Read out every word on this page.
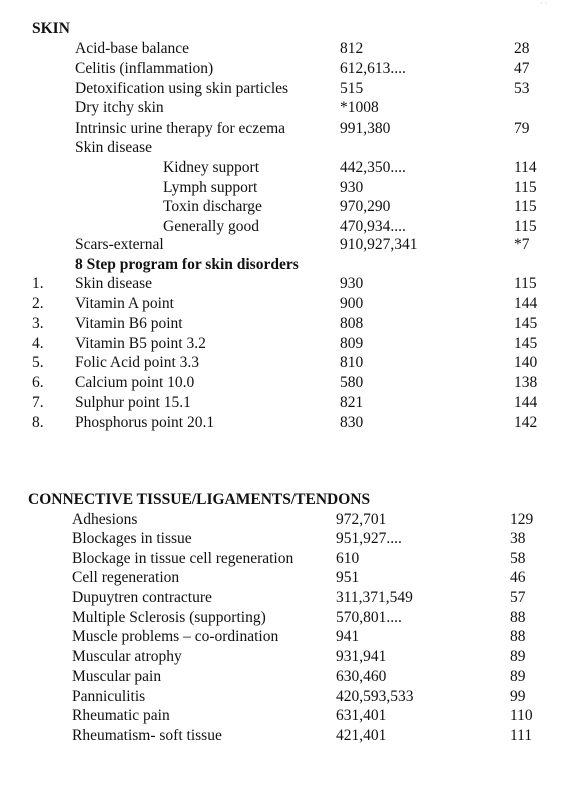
· ·
SKIN
Acid-base balance	812	28
Celitis (inflammation)	612,613....	47
Detoxification using skin particles	515	53
Dry itchy skin	*1008
Intrinsic urine therapy for eczema	991,380	79
Skin disease
Kidney support	442,350....	114
Lymph support	930	115
Toxin discharge	970,290	115
Generally good	470,934....	115
Scars-external	910,927,341	*7
8 Step program for skin disorders
1. Skin disease	930	115
2. Vitamin A point	900	144
3. Vitamin B6 point	808	145
4. Vitamin B5 point 3.2	809	145
5. Folic Acid point 3.3	810	140
6. Calcium point 10.0	580	138
7. Sulphur point 15.1	821	144
8. Phosphorus point 20.1	830	142
CONNECTIVE TISSUE/LIGAMENTS/TENDONS
Adhesions	972,701	129
Blockages in tissue	951,927....	38
Blockage in tissue cell regeneration	610	58
Cell regeneration	951	46
Dupuytren contracture	311,371,549	57
Multiple Sclerosis (supporting)	570,801....	88
Muscle problems – co-ordination	941	88
Muscular atrophy	931,941	89
Muscular pain	630,460	89
Panniculitis	420,593,533	99
Rheumatic pain	631,401	110
Rheumatism- soft tissue	421,401	111
